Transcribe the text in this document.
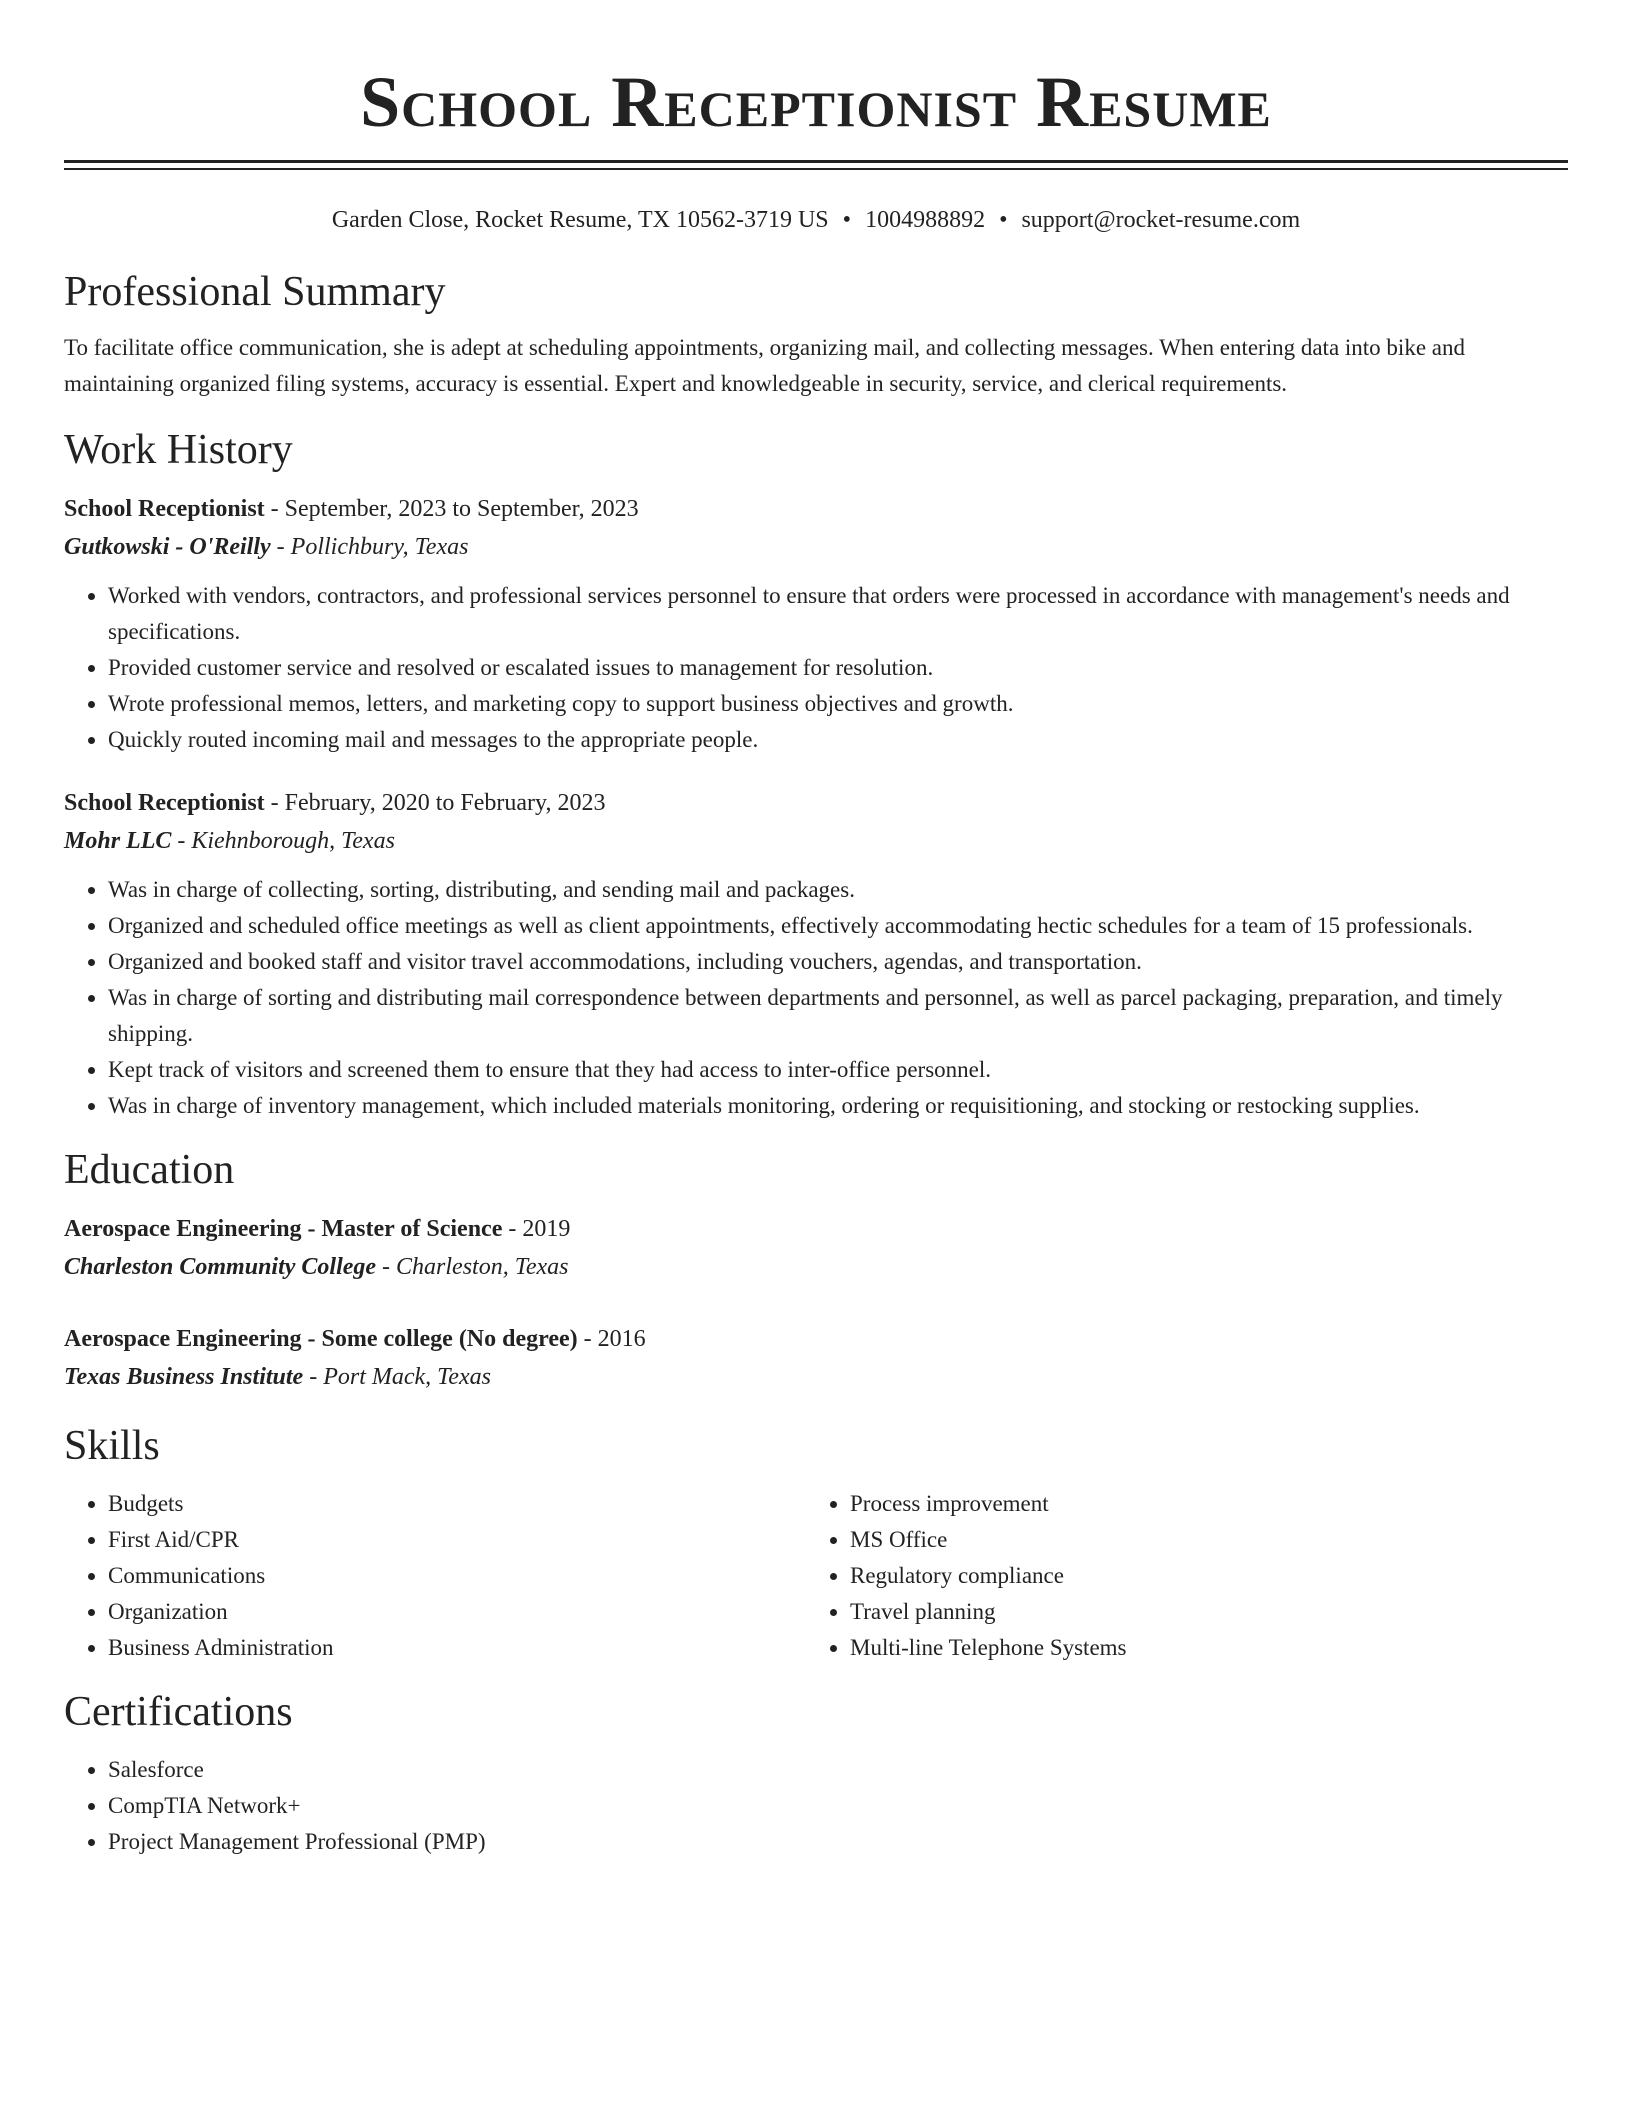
School Receptionist Resume
Garden Close, Rocket Resume, TX 10562-3719 US • 1004988892 • support@rocket-resume.com
Professional Summary

To facilitate office communication, she is adept at scheduling appointments, organizing mail, and collecting messages. When entering data into bike and maintaining organized filing systems, accuracy is essential. Expert and knowledgeable in security, service, and clerical requirements.

Work History

School Receptionist - September, 2023 to September, 2023

Gutkowski - O'Reilly - Pollichbury, Texas

• Worked with vendors, contractors, and professional services personnel to ensure that orders were processed in accordance with management's needs and specifications.
• Provided customer service and resolved or escalated issues to management for resolution.
• Wrote professional memos, letters, and marketing copy to support business objectives and growth.
• Quickly routed incoming mail and messages to the appropriate people.

School Receptionist - February, 2020 to February, 2023

Mohr LLC - Kiehnborough, Texas

• Was in charge of collecting, sorting, distributing, and sending mail and packages.
• Organized and scheduled office meetings as well as client appointments, effectively accommodating hectic schedules for a team of 15 professionals.
• Organized and booked staff and visitor travel accommodations, including vouchers, agendas, and transportation.
• Was in charge of sorting and distributing mail correspondence between departments and personnel, as well as parcel packaging, preparation, and timely shipping.
• Kept track of visitors and screened them to ensure that they had access to inter-office personnel.
• Was in charge of inventory management, which included materials monitoring, ordering or requisitioning, and stocking or restocking supplies.
Education

Aerospace Engineering - Master of Science - 2019

Charleston Community College - Charleston, Texas

Aerospace Engineering - Some college (No degree) - 2016

Texas Business Institute - Port Mack, Texas

Skills
• Budgets
• First Aid/CPR
• Communications
• Organization
• Business Administration
• Process improvement
• MS Office
• Regulatory compliance
• Travel planning
• Multi-line Telephone Systems
Certifications
• Salesforce
• CompTIA Network+
• Project Management Professional (PMP)
